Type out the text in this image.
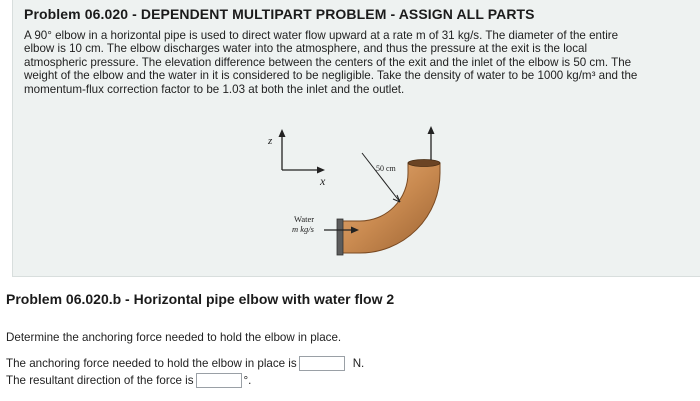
Problem 06.020 - DEPENDENT MULTIPART PROBLEM - ASSIGN ALL PARTS
A 90° elbow in a horizontal pipe is used to direct water flow upward at a rate m of 31 kg/s. The diameter of the entire
elbow is 10 cm. The elbow discharges water into the atmosphere, and thus the pressure at the exit is the local
atmospheric pressure. The elevation difference between the centers of the exit and the inlet of the elbow is 50 cm. The
weight of the elbow and the water in it is considered to be negligible. Take the density of water to be 1000 kg/m³ and the
momentum-flux correction factor to be 1.03 at both the inlet and the outlet.
z
x
Water
m kg/s
50 cm
Problem 06.020.b - Horizontal pipe elbow with water flow 2
Determine the anchoring force needed to hold the elbow in place.
The anchoring force needed to hold the elbow in place is	N.
The resultant direction of the force is	°.
